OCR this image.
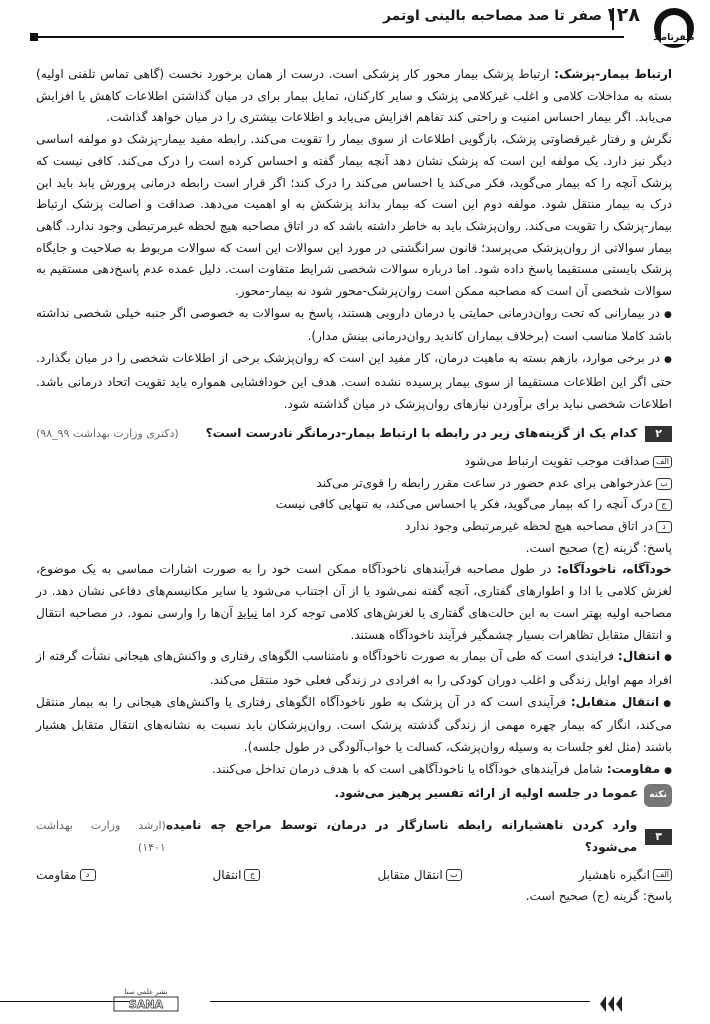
صفر تا صد مصاحبه بالینی اوتمر ۱۲۸
صفرتاصد

ارتباط بیمار-پزشک: ارتباط پزشک بیمار محور کار پزشکی است. درست از همان برخورد نخست (گاهی تماس تلفنی اولیه) بسته به مداخلات کلامی و اغلب غیرکلامی پزشک و سایر کارکنان، تمایل بیمار برای در میان گذاشتن اطلاعات کاهش یا افزایش می‌یابد. اگر بیمار احساس امنیت و راحتی کند تفاهم افزایش می‌یابد و اطلاعات بیشتری را در میان خواهد گذاشت.

نگرش و رفتار غیرقضاوتی پزشک، بازگویی اطلاعات از سوی بیمار را تقویت می‌کند. رابطه مفید بیمار-پزشک دو مولفه اساسی دیگر نیز دارد. یک مولفه این است که پزشک نشان دهد آنچه بیمار گفته و احساس کرده است را درک می‌کند. کافی نیست که پزشک آنچه را که بیمار می‌گوید، فکر می‌کند یا احساس می‌کند را درک کند؛ اگر قرار است رابطه درمانی پرورش یابد باید این درک به بیمار منتقل شود. مولفه دوم این است که بیمار بداند پزشکش به او اهمیت می‌دهد. صداقت و اصالت پزشک ارتباط بیمار-پزشک را تقویت می‌کند. روان‌پزشک باید به خاطر داشته باشد که در اتاق مصاحبه هیچ لحظه غیرمرتبطی وجود ندارد. گاهی بیمار سوالاتی از روان‌پزشک می‌پرسد؛ قانون سرانگشتی در مورد این سوالات این است که سوالات مربوط به صلاحیت و جایگاه پزشک بایستی مستقیما پاسخ داده شود. اما درباره سوالات شخصی شرایط متفاوت است. دلیل عمده عدم پاسخ‌دهی مستقیم به سوالات شخصی آن است که مصاحبه ممکن است روان‌پزشک-محور شود نه بیمار-محور.

● در بیمارانی که تحت روان‌درمانی حمایتی یا درمان دارویی هستند، پاسخ به سوالات به خصوصی اگر جنبه خیلی شخصی نداشته باشد کاملا مناسب است (برخلاف بیماران کاندید روان‌درمانی بینش مدار).

● در برخی موارد، بازهم بسته به ماهیت درمان، کار مفید این است که روان‌پزشک برخی از اطلاعات شخصی را در میان بگذارد. حتی اگر این اطلاعات مستقیما از سوی بیمار پرسیده نشده است. هدف این خودافشایی همواره باید تقویت اتحاد درمانی باشد. اطلاعات شخصی نباید برای برآوردن نیازهای روان‌پزشک در میان گذاشته شود.

۲
کدام یک از گزینه‌های زیر در رابطه با ارتباط بیمار-درمانگر نادرست است؟
(دکتری وزارت بهداشت ۹۹_۹۸)
الف
صداقت موجب تقویت ارتباط می‌شود
ب
عذرخواهی برای عدم حضور در ساعت مقرر رابطه را قوی‌تر می‌کند
ج
درک آنچه را که بیمار می‌گوید، فکر یا احساس می‌کند، به تنهایی کافی نیست
د
در اتاق مصاحبه هیچ لحظه غیرمرتبطی وجود ندارد

پاسخ: گزینه (ج) صحیح است.

خودآگاه، ناخودآگاه: در طول مصاحبه فرآیندهای ناخودآگاه ممکن است خود را به صورت اشارات مماسی به یک موضوع، لغزش کلامی یا ادا و اطوارهای گفتاری، آنچه گفته نمی‌شود یا از آن اجتناب می‌شود یا سایر مکانیسم‌های دفاعی نشان دهد. در مصاحبه اولیه بهتر است به این حالت‌های گفتاری یا لغزش‌های کلامی توجه کرد اما نباید آن‌ها را وارسی نمود. در مصاحبه انتقال و انتقال متقابل تظاهرات بسیار چشمگیر فرآیند ناخودآگاه هستند.

● انتقال: فرایندی است که طی آن بیمار به صورت ناخودآگاه و نامتناسب الگوهای رفتاری و واکنش‌های هیجانی نشأت گرفته از افراد مهم اوایل زندگی و اغلب دوران کودکی را به افرادی در زندگی فعلی خود منتقل می‌کند.

● انتقال متقابل: فرآیندی است که در آن پزشک به طور ناخودآگاه الگوهای رفتاری یا واکنش‌های هیجانی را به بیمار منتقل می‌کند، انگار که بیمار چهره مهمی از زندگی گذشته پزشک است. روان‌پزشکان باید نسبت به نشانه‌های انتقال متقابل هشیار باشند (مثل لغو جلسات به وسیله روان‌پزشک، کسالت یا خواب‌آلودگی در طول جلسه).

● مقاومت: شامل فرآیندهای خودآگاه یا ناخودآگاهی است که با هدف درمان تداخل می‌کنند.

نکتهعموما در جلسه اولیه از ارائه تفسیر پرهیز می‌شود.

۳
وارد کردن ناهشیارانه رابطه ناسازگار در درمان، توسط مراجع چه نامیده می‌شود؟
(ارشد وزارت بهداشت ۱۴۰۱)
الف
انگیزه ناهشیار
ب
انتقال متقابل
ج
انتقال
د
مقاومت

پاسخ: گزینه (ج) صحیح است.

نشر علمی سنا
SANA
